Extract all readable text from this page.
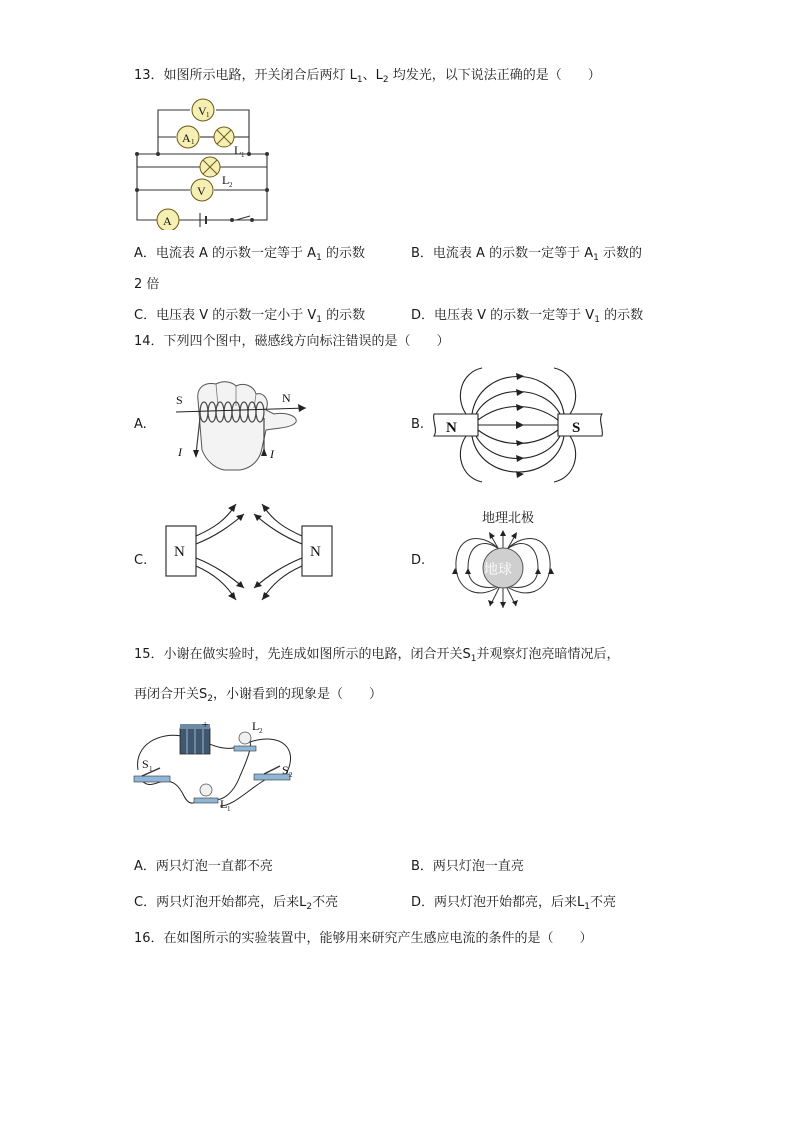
13．如图所示电路，开关闭合后两灯 $L_1$、$L_2$ 均发光，以下说法正确的是（　　）
V 1
A 1
L 1
L 2
V
A
A．电流表 A 的示数一定等于 $A_1$ 的示数	B．电流表 A 的示数一定等于 $A_1$ 示数的
2 倍
C．电压表 V 的示数一定小于 $V_1$ 的示数	D．电压表 V 的示数一定等于 $V_1$ 的示数
14．下列四个图中，磁感线方向标注错误的是（　　）
A.
S	N
I	I
B. N	S
C.
N	N
D.
地理北极
地球
15．小谢在做实验时，先连成如图所示的电路，闭合开关$S_1$并观察灯泡亮暗情况后，
再闭合开关$S_2$，小谢看到的现象是（　　）
+	L 2
S 1	S 2
L 1
A．两只灯泡一直都不亮	B．两只灯泡一直亮
C．两只灯泡开始都亮，后来$L_2$不亮	D．两只灯泡开始都亮，后来$L_1$不亮
16．在如图所示的实验装置中，能够用来研究产生感应电流的条件的是（　　）
